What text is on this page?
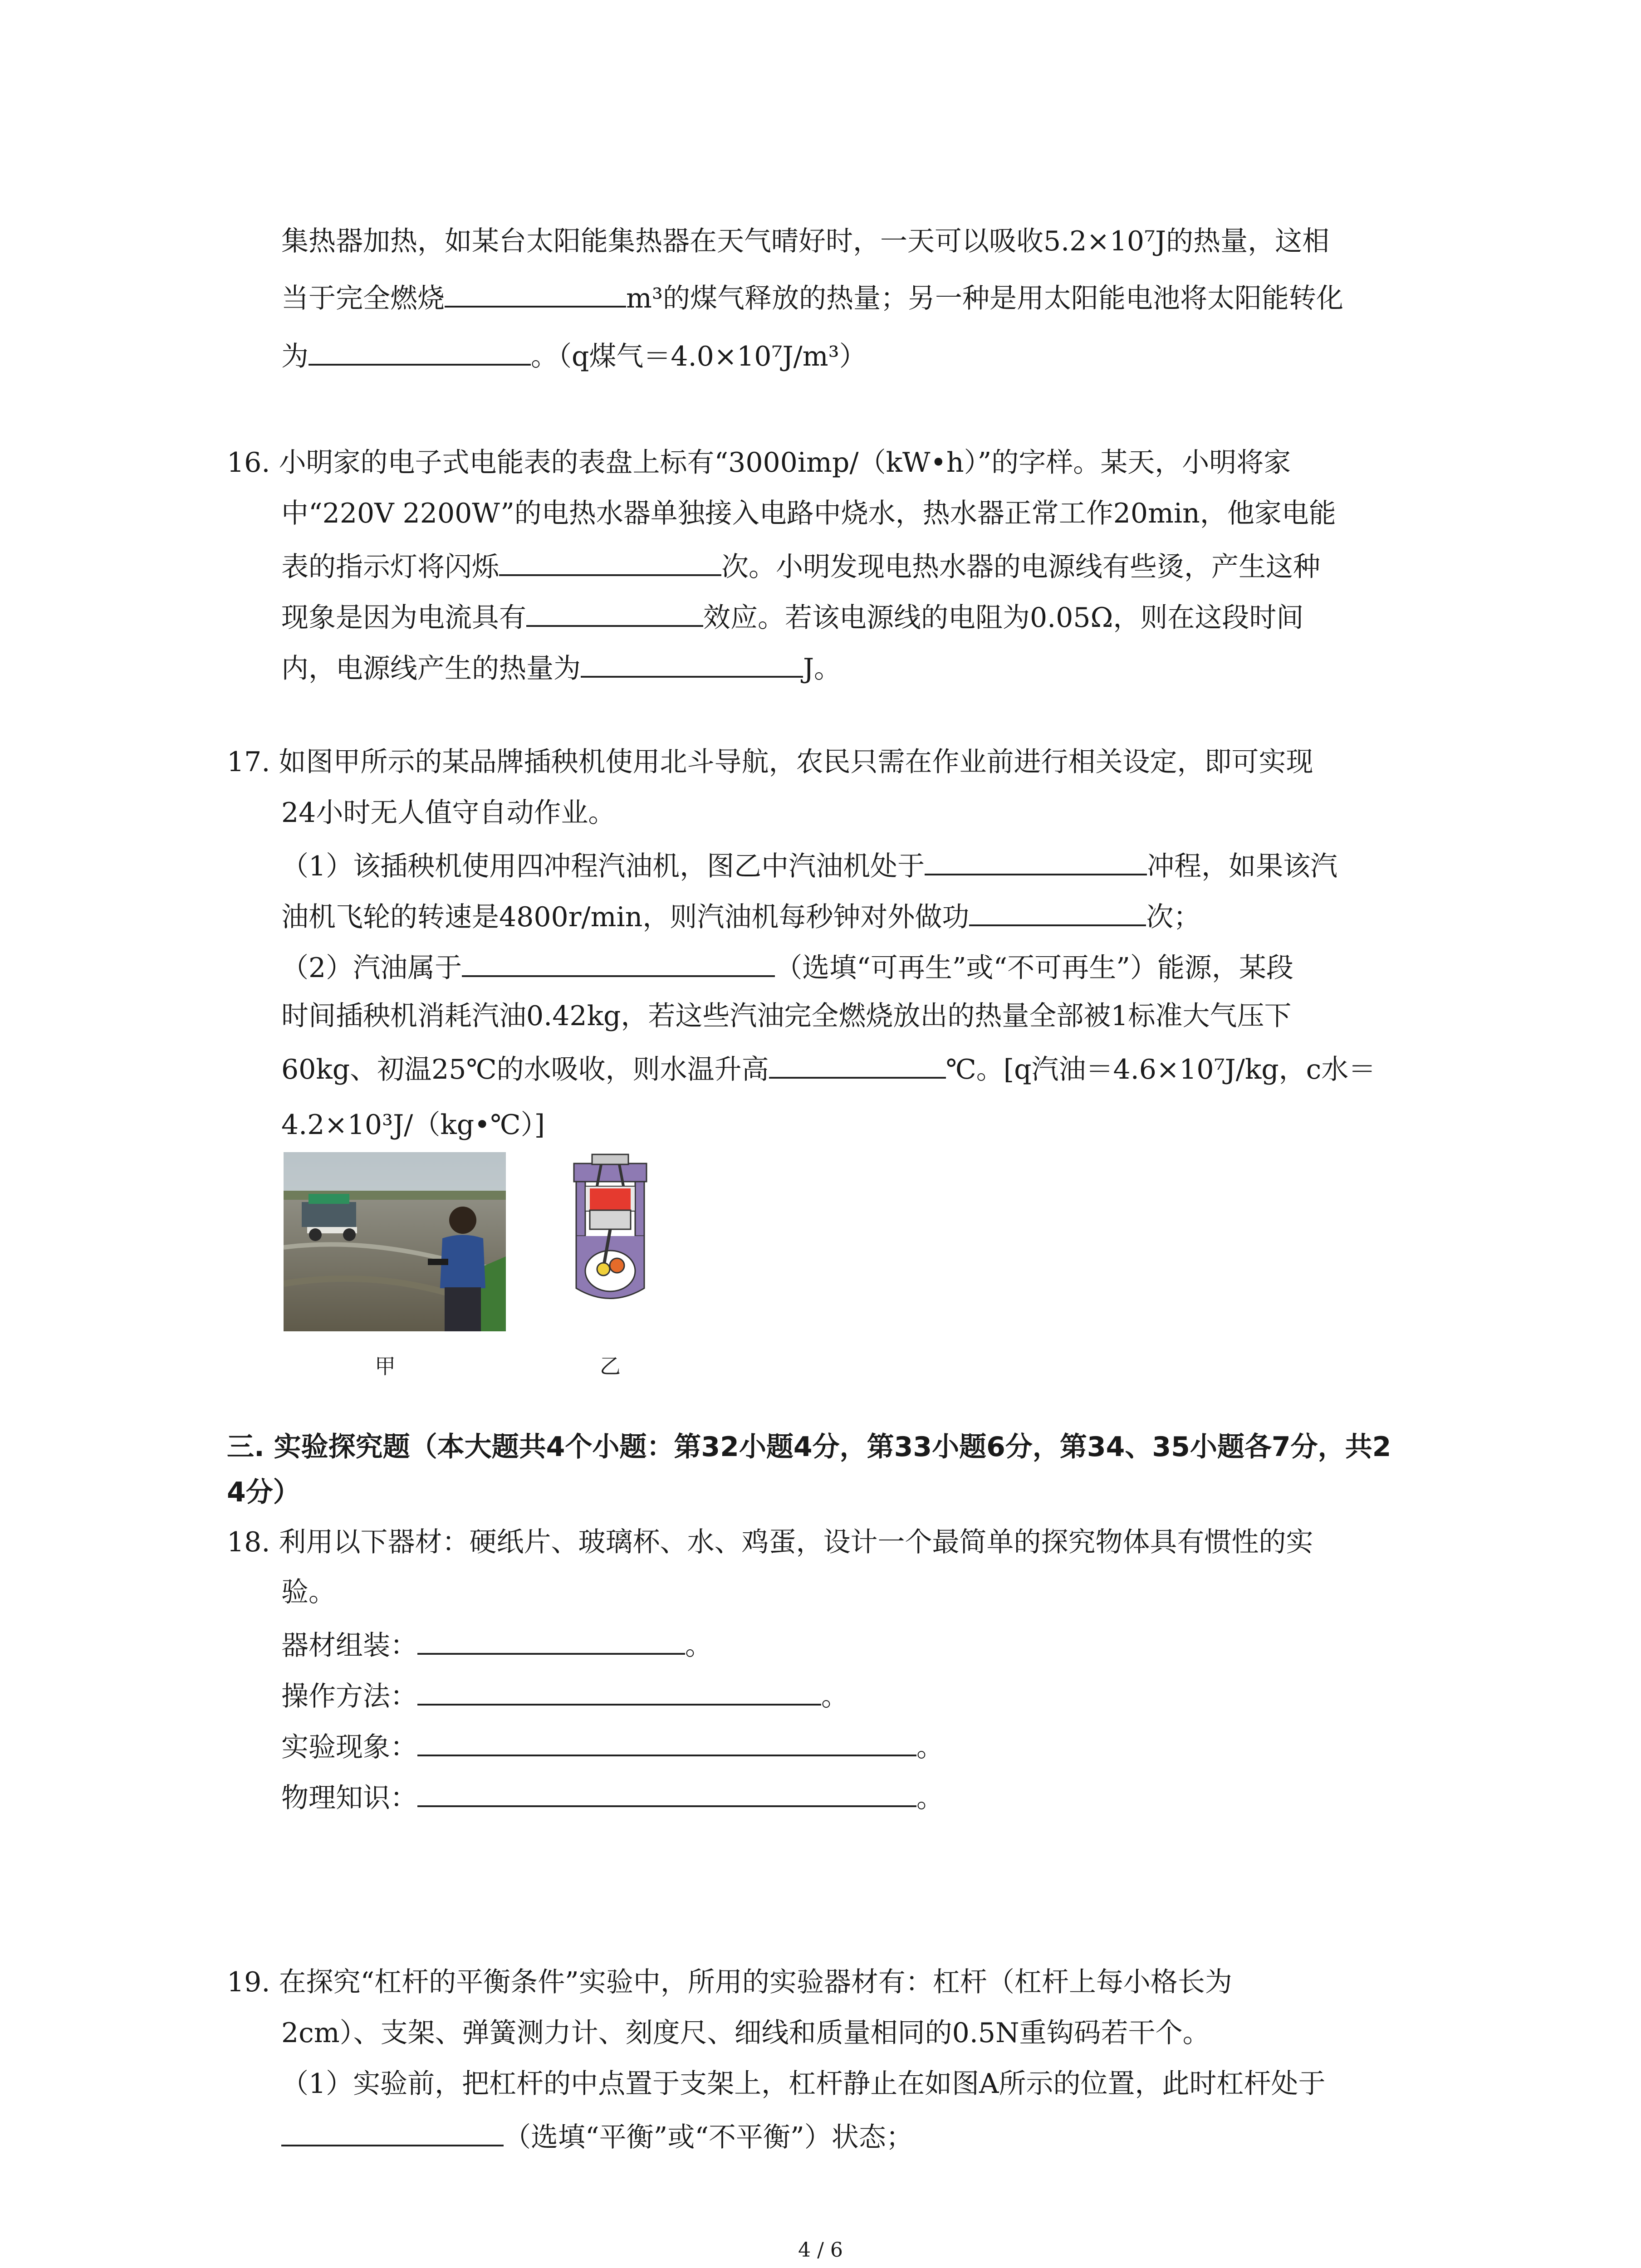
集热器加热，如某台太阳能集热器在天气晴好时，一天可以吸收5.2×10⁷J的热量，这相
当于完全燃烧	m³的煤气释放的热量；另一种是用太阳能电池将太阳能转化
为	。（q煤气＝4.0×10⁷J/m³）
16. 小明家的电子式电能表的表盘上标有“3000imp/（kW•h）”的字样。某天，小明将家
中“220V 2200W”的电热水器单独接入电路中烧水，热水器正常工作20min，他家电能
表的指示灯将闪烁	次。小明发现电热水器的电源线有些烫，产生这种
现象是因为电流具有	效应。若该电源线的电阻为0.05Ω，则在这段时间
内，电源线产生的热量为	J。
17. 如图甲所示的某品牌插秧机使用北斗导航，农民只需在作业前进行相关设定，即可实现
24小时无人值守自动作业。
（1）该插秧机使用四冲程汽油机，图乙中汽油机处于	冲程，如果该汽
油机飞轮的转速是4800r/min，则汽油机每秒钟对外做功	次；
（2）汽油属于	（选填“可再生”或“不可再生”）能源，某段
时间插秧机消耗汽油0.42kg，若这些汽油完全燃烧放出的热量全部被1标准大气压下
60kg、初温25℃的水吸收，则水温升高	℃。[q汽油＝4.6×10⁷J/kg，c水＝
4.2×10³J/（kg•℃）]
甲	乙
三. 实验探究题（本大题共4个小题：第32小题4分，第33小题6分，第34、35小题各7分，共2
4分）
18. 利用以下器材：硬纸片、玻璃杯、水、鸡蛋，设计一个最简单的探究物体具有惯性的实
验。
器材组装：	。
操作方法：	。
实验现象：	。
物理知识：	。
19. 在探究“杠杆的平衡条件”实验中，所用的实验器材有：杠杆（杠杆上每小格长为
2cm）、支架、弹簧测力计、刻度尺、细线和质量相同的0.5N重钩码若干个。
（1）实验前，把杠杆的中点置于支架上，杠杆静止在如图A所示的位置，此时杠杆处于
（选填“平衡”或“不平衡”）状态；
4 / 6
